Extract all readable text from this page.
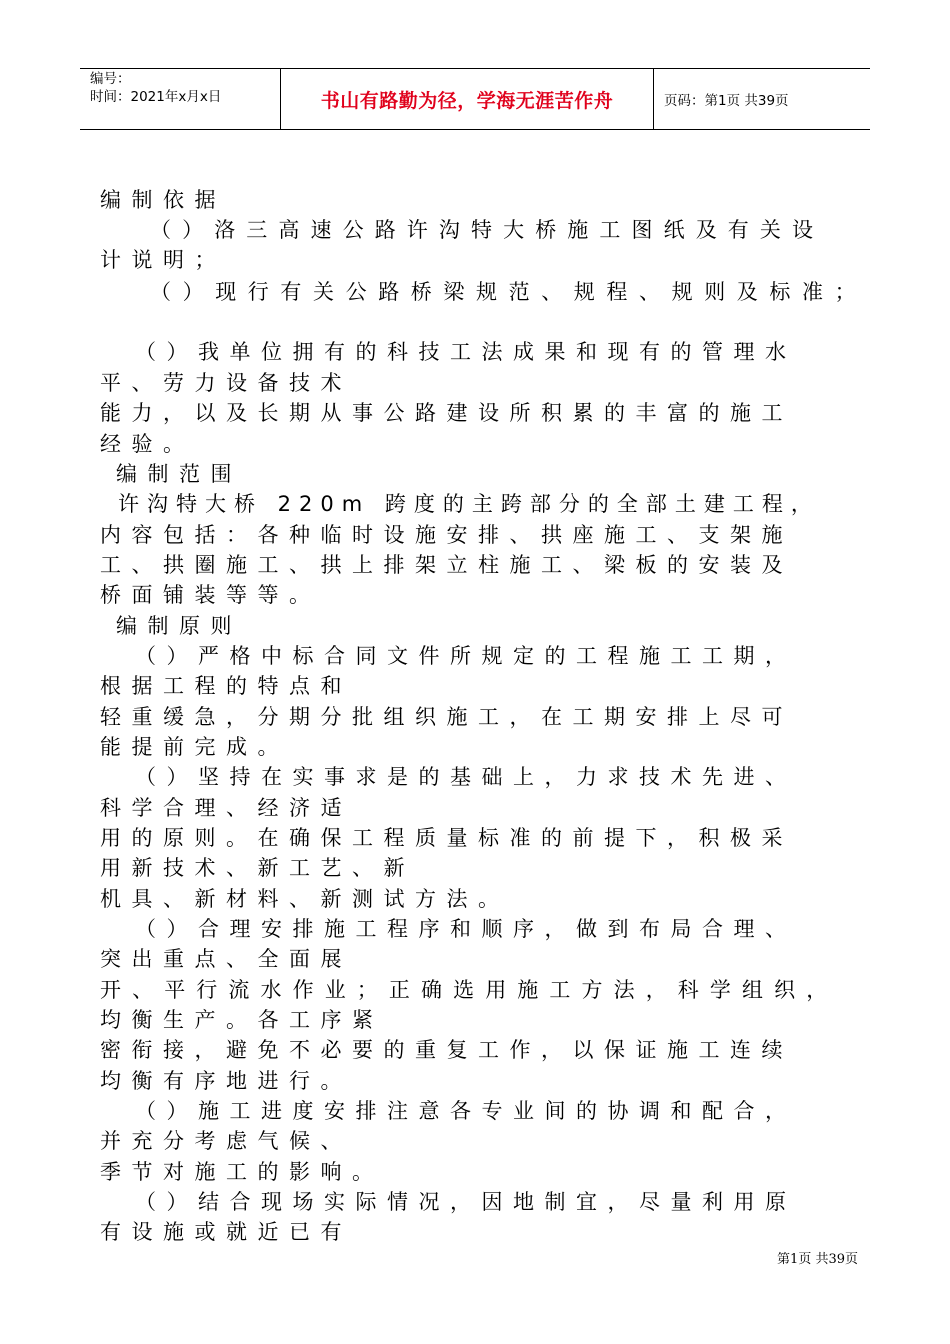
编号：
时间：2021年x月x日	书山有路勤为径，学海无涯苦作舟	页码：第1页 共39页
编制依据
（）洛三高速公路许沟特大桥施工图纸及有关设
计说明；
（）现行有关公路桥梁规范、规程、规则及标准；
（）我单位拥有的科技工法成果和现有的管理水
平、劳力设备技术
能力，以及长期从事公路建设所积累的丰富的施工
经验。
编制范围
许沟特大桥 220m 跨度的主跨部分的全部土建工程，
内容包括：各种临时设施安排、拱座施工、支架施
工、拱圈施工、拱上排架立柱施工、梁板的安装及
桥面铺装等等。
编制原则
（）严格中标合同文件所规定的工程施工工期，
根据工程的特点和
轻重缓急，分期分批组织施工，在工期安排上尽可
能提前完成。
（）坚持在实事求是的基础上，力求技术先进、
科学合理、经济适
用的原则。在确保工程质量标准的前提下，积极采
用新技术、新工艺、新
机具、新材料、新测试方法。
（）合理安排施工程序和顺序，做到布局合理、
突出重点、全面展
开、平行流水作业；正确选用施工方法，科学组织，
均衡生产。各工序紧
密衔接，避免不必要的重复工作，以保证施工连续
均衡有序地进行。
（）施工进度安排注意各专业间的协调和配合，
并充分考虑气候、
季节对施工的影响。
（）结合现场实际情况，因地制宜，尽量利用原
有设施或就近已有
第1页 共39页
